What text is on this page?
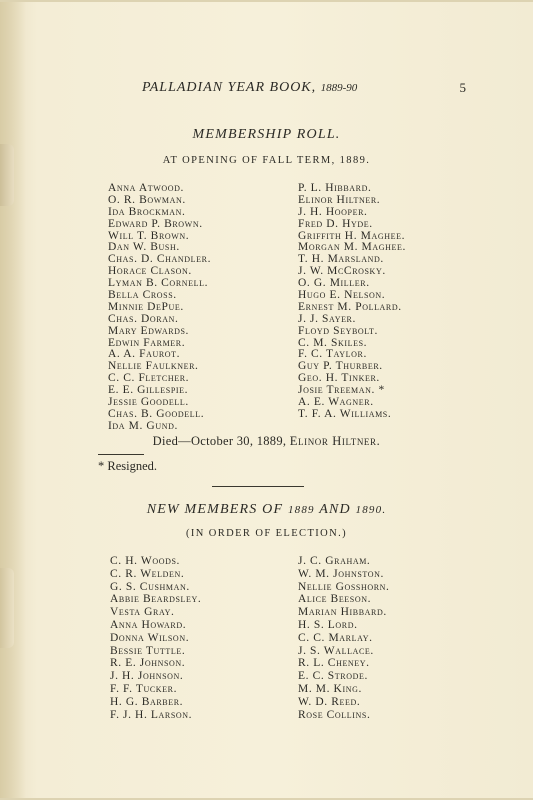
PALLADIAN YEAR BOOK, 1889-90	5
MEMBERSHIP ROLL.
AT OPENING OF FALL TERM, 1889.
Anna Atwood.
O. R. Bowman.
Ida Brockman.
Edward P. Brown.
Will T. Brown.
Dan W. Bush.
Chas. D. Chandler.
Horace Clason.
Lyman B. Cornell.
Bella Cross.
Minnie DePue.
Chas. Doran.
Mary Edwards.
Edwin Farmer.
A. A. Faurot.
Nellie Faulkner.
C. C. Fletcher.
E. E. Gillespie.
Jessie Goodell.
Chas. B. Goodell.
Ida M. Gund.
P. L. Hibbard.
Elinor Hiltner.
J. H. Hooper.
Fred D. Hyde.
Griffith H. Maghee.
Morgan M. Maghee.
T. H. Marsland.
J. W. McCrosky.
O. G. Miller.
Hugo E. Nelson.
Ernest M. Pollard.
J. J. Sayer.
Floyd Seybolt.
C. M. Skiles.
F. C. Taylor.
Guy P. Thurber.
Geo. H. Tinker.
Josie Treeman. *
A. E. Wagner.
T. F. A. Williams.
Died—October 30, 1889, Elinor Hiltner.
* Resigned.
NEW MEMBERS OF 1889 AND 1890.
(IN ORDER OF ELECTION.)
C. H. Woods.
C. R. Welden.
G. S. Cushman.
Abbie Beardsley.
Vesta Gray.
Anna Howard.
Donna Wilson.
Bessie Tuttle.
R. E. Johnson.
J. H. Johnson.
F. F. Tucker.
H. G. Barber.
F. J. H. Larson.
J. C. Graham.
W. M. Johnston.
Nellie Gosshorn.
Alice Beeson.
Marian Hibbard.
H. S. Lord.
C. C. Marlay.
J. S. Wallace.
R. L. Cheney.
E. C. Strode.
M. M. King.
W. D. Reed.
Rose Collins.
